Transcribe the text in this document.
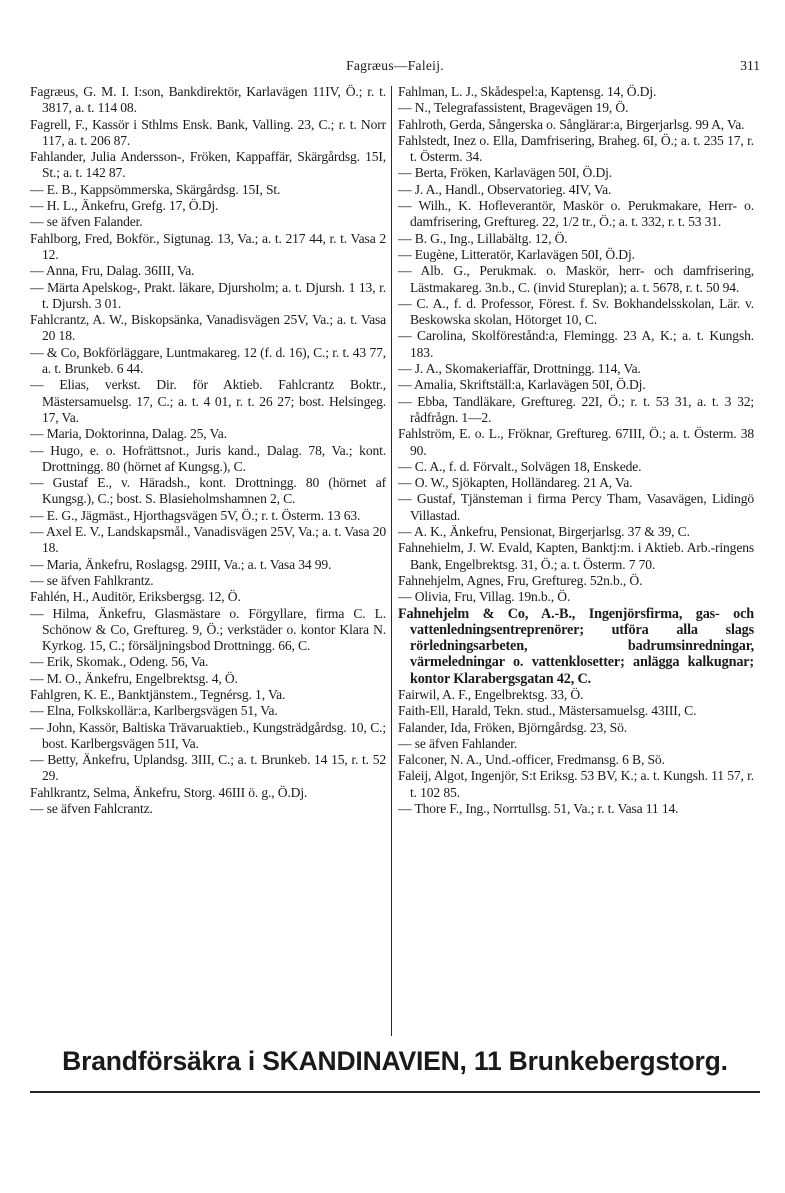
Fagræus—Faleij.	311

Fagræus, G. M. I. I:son, Bankdirektör, Karlavägen 11IV, Ö.; r. t. 3817, a. t. 114 08.

Fagrell, F., Kassör i Sthlms Ensk. Bank, Valling. 23, C.; r. t. Norr 117, a. t. 206 87.

Fahlander, Julia Andersson-, Fröken, Kappaffär, Skärgårdsg. 15I, St.; a. t. 142 87.

— E. B., Kappsömmerska, Skärgårdsg. 15I, St.

— H. L., Änkefru, Grefg. 17, Ö.Dj.

— se äfven Falander.

Fahlborg, Fred, Bokför., Sigtunag. 13, Va.; a. t. 217 44, r. t. Vasa 2 12.

— Anna, Fru, Dalag. 36III, Va.

— Märta Apelskog-, Prakt. läkare, Djursholm; a. t. Djursh. 1 13, r. t. Djursh. 3 01.

Fahlcrantz, A. W., Biskopsänka, Vanadisvägen 25V, Va.; a. t. Vasa 20 18.

— & Co, Bokförläggare, Luntmakareg. 12 (f. d. 16), C.; r. t. 43 77, a. t. Brunkeb. 6 44.

— Elias, verkst. Dir. för Aktieb. Fahlcrantz Boktr., Mästersamuelsg. 17, C.; a. t. 4 01, r. t. 26 27; bost. Helsingeg. 17, Va.

— Maria, Doktorinna, Dalag. 25, Va.

— Hugo, e. o. Hofrättsnot., Juris kand., Dalag. 78, Va.; kont. Drottningg. 80 (hörnet af Kungsg.), C.

— Gustaf E., v. Häradsh., kont. Drottningg. 80 (hörnet af Kungsg.), C.; bost. S. Blasieholmshamnen 2, C.

— E. G., Jägmäst., Hjorthagsvägen 5V, Ö.; r. t. Österm. 13 63.

— Axel E. V., Landskapsmål., Vanadisvägen 25V, Va.; a. t. Vasa 20 18.

— Maria, Änkefru, Roslagsg. 29III, Va.; a. t. Vasa 34 99.

— se äfven Fahlkrantz.

Fahlén, H., Auditör, Eriksbergsg. 12, Ö.

— Hilma, Änkefru, Glasmästare o. Förgyllare, firma C. L. Schönow & Co, Greftureg. 9, Ö.; verkstäder o. kontor Klara N. Kyrkog. 15, C.; försäljningsbod Drottningg. 66, C.

— Erik, Skomak., Odeng. 56, Va.

— M. O., Änkefru, Engelbrektsg. 4, Ö.

Fahlgren, K. E., Banktjänstem., Tegnérsg. 1, Va.

— Elna, Folkskollär:a, Karlbergsvägen 51, Va.

— John, Kassör, Baltiska Trävaruaktieb., Kungsträdgårdsg. 10, C.; bost. Karlbergsvägen 51I, Va.

— Betty, Änkefru, Uplandsg. 3III, C.; a. t. Brunkeb. 14 15, r. t. 52 29.

Fahlkrantz, Selma, Änkefru, Storg. 46III ö. g., Ö.Dj.

— se äfven Fahlcrantz.

Fahlman, L. J., Skådespel:a, Kaptensg. 14, Ö.Dj.

— N., Telegrafassistent, Bragevägen 19, Ö.

Fahlroth, Gerda, Sångerska o. Sånglärar:a, Birgerjarlsg. 99 A, Va.

Fahlstedt, Inez o. Ella, Damfrisering, Braheg. 6I, Ö.; a. t. 235 17, r. t. Österm. 34.

— Berta, Fröken, Karlavägen 50I, Ö.Dj.

— J. A., Handl., Observatorieg. 4IV, Va.

— Wilh., K. Hofleverantör, Maskör o. Perukmakare, Herr- o. damfrisering, Greftureg. 22, 1/2 tr., Ö.; a. t. 332, r. t. 53 31.

— B. G., Ing., Lillabältg. 12, Ö.

— Eugène, Litteratör, Karlavägen 50I, Ö.Dj.

— Alb. G., Perukmak. o. Maskör, herr- och damfrisering, Lästmakareg. 3n.b., C. (invid Stureplan); a. t. 5678, r. t. 50 94.

— C. A., f. d. Professor, Förest. f. Sv. Bokhandelsskolan, Lär. v. Beskowska skolan, Hötorget 10, C.

— Carolina, Skolförestånd:a, Flemingg. 23 A, K.; a. t. Kungsh. 183.

— J. A., Skomakeriaffär, Drottningg. 114, Va.

— Amalia, Skriftställ:a, Karlavägen 50I, Ö.Dj.

— Ebba, Tandläkare, Greftureg. 22I, Ö.; r. t. 53 31, a. t. 3 32; rådfrågn. 1—2.

Fahlström, E. o. L., Fröknar, Greftureg. 67III, Ö.; a. t. Österm. 38 90.

— C. A., f. d. Förvalt., Solvägen 18, Enskede.

— O. W., Sjökapten, Holländareg. 21 A, Va.

— Gustaf, Tjänsteman i firma Percy Tham, Vasavägen, Lidingö Villastad.

— A. K., Änkefru, Pensionat, Birgerjarlsg. 37 & 39, C.

Fahnehielm, J. W. Evald, Kapten, Banktj:m. i Aktieb. Arb.-ringens Bank, Engelbrektsg. 31, Ö.; a. t. Österm. 7 70.

Fahnehjelm, Agnes, Fru, Greftureg. 52n.b., Ö.

— Olivia, Fru, Villag. 19n.b., Ö.

Fahnehjelm & Co, A.-B., Ingenjörsfirma, gas- och vattenledningsentreprenörer; utföra alla slags rörledningsarbeten, badrumsinredningar, värmeledningar o. vattenklosetter; anlägga kalkugnar; kontor Klarabergsgatan 42, C.

Fairwil, A. F., Engelbrektsg. 33, Ö.

Faith-Ell, Harald, Tekn. stud., Mästersamuelsg. 43III, C.

Falander, Ida, Fröken, Björngårdsg. 23, Sö.

— se äfven Fahlander.

Falconer, N. A., Und.-officer, Fredmansg. 6 B, Sö.

Faleij, Algot, Ingenjör, S:t Eriksg. 53 BV, K.; a. t. Kungsh. 11 57, r. t. 102 85.

— Thore F., Ing., Norrtullsg. 51, Va.; r. t. Vasa 11 14.

Brandförsäkra i SKANDINAVIEN, 11 Brunkebergstorg.
